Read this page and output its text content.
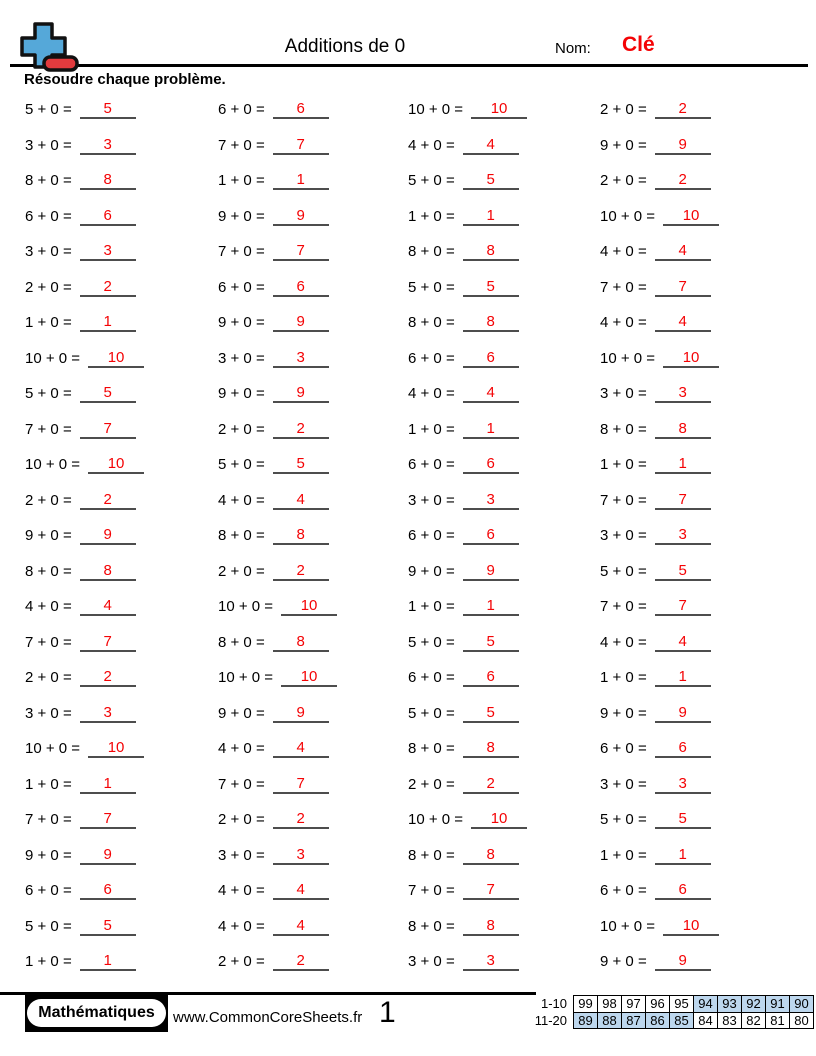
Additions de 0	Nom: Clé
Résoudre chaque problème.
5 + 0 =	5
3 + 0 =	3
8 + 0 =	8
6 + 0 =	6
3 + 0 =	3
2 + 0 =	2
1 + 0 =	1
10 + 0 =	10
5 + 0 =	5
7 + 0 =	7
10 + 0 =	10
2 + 0 =	2
9 + 0 =	9
8 + 0 =	8
4 + 0 =	4
7 + 0 =	7
2 + 0 =	2
3 + 0 =	3
10 + 0 =	10
1 + 0 =	1
7 + 0 =	7
9 + 0 =	9
6 + 0 =	6
5 + 0 =	5
1 + 0 =	1
6 + 0 =	6
7 + 0 =	7
1 + 0 =	1
9 + 0 =	9
7 + 0 =	7
6 + 0 =	6
9 + 0 =	9
3 + 0 =	3
9 + 0 =	9
2 + 0 =	2
5 + 0 =	5
4 + 0 =	4
8 + 0 =	8
2 + 0 =	2
10 + 0 =	10
8 + 0 =	8
10 + 0 =	10
9 + 0 =	9
4 + 0 =	4
7 + 0 =	7
2 + 0 =	2
3 + 0 =	3
4 + 0 =	4
4 + 0 =	4
2 + 0 =	2
10 + 0 =	10
4 + 0 =	4
5 + 0 =	5
1 + 0 =	1
8 + 0 =	8
5 + 0 =	5
8 + 0 =	8
6 + 0 =	6
4 + 0 =	4
1 + 0 =	1
6 + 0 =	6
3 + 0 =	3
6 + 0 =	6
9 + 0 =	9
1 + 0 =	1
5 + 0 =	5
6 + 0 =	6
5 + 0 =	5
8 + 0 =	8
2 + 0 =	2
10 + 0 =	10
8 + 0 =	8
7 + 0 =	7
8 + 0 =	8
3 + 0 =	3
2 + 0 =	2
9 + 0 =	9
2 + 0 =	2
10 + 0 =	10
4 + 0 =	4
7 + 0 =	7
4 + 0 =	4
10 + 0 =	10
3 + 0 =	3
8 + 0 =	8
1 + 0 =	1
7 + 0 =	7
3 + 0 =	3
5 + 0 =	5
7 + 0 =	7
4 + 0 =	4
1 + 0 =	1
9 + 0 =	9
6 + 0 =	6
3 + 0 =	3
5 + 0 =	5
1 + 0 =	1
6 + 0 =	6
10 + 0 =	10
9 + 0 =	9
Mathématiques	www.CommonCoreSheets.fr 1	1-10	99	98	97	96	95	94	93	92	91	90
11-20	89	88	87	86	85	84	83	82	81	80
